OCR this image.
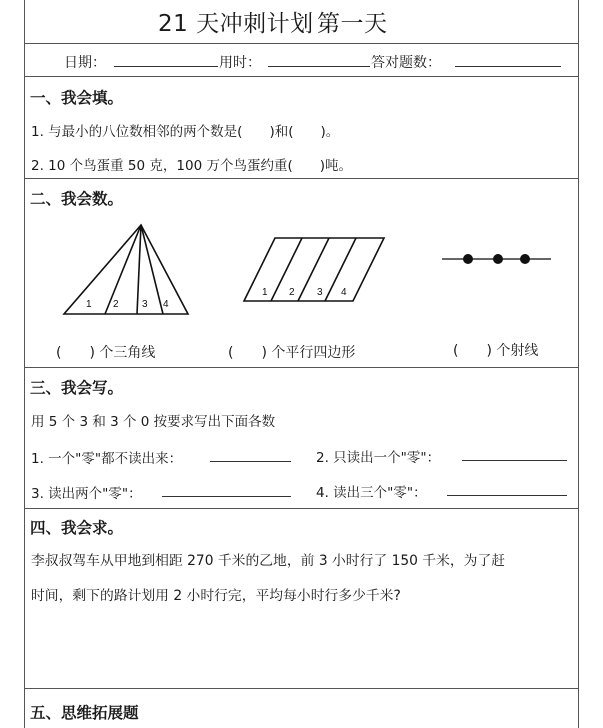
21 天冲刺计划 第一天
日期：	用时：	答对题数：
一、我会填。
1. 与最小的八位数相邻的两个数是(　　)和(　　)。
2. 10 个鸟蛋重 50 克，100 万个鸟蛋约重(　　)吨。
二、我会数。
1 2 3 4
1 2 3 4
(　　) 个三角线	(　　) 个平行四边形	(　　) 个射线
三、我会写。
用 5 个 3 和 3 个 0 按要求写出下面各数
1. 一个"零"都不读出来：	2. 只读出一个"零"：
3. 读出两个"零"：	4. 读出三个"零"：
四、我会求。
李叔叔驾车从甲地到相距 270 千米的乙地，前 3 小时行了 150 千米，为了赶
时间，剩下的路计划用 2 小时行完，平均每小时行多少千米?
五、思维拓展题
